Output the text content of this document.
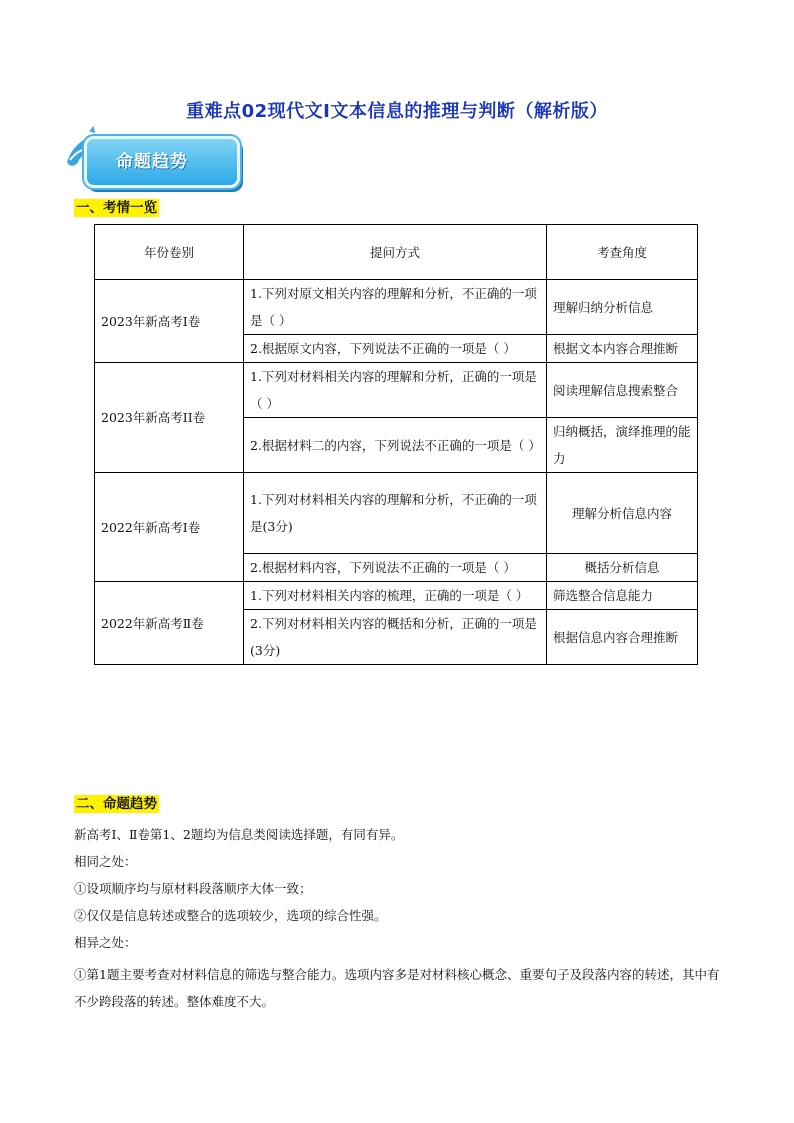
重难点02现代文I文本信息的推理与判断（解析版）
命题趋势
一、考情一览
年份卷别	提问方式	考查角度
2023年新高考I卷	1.下列对原文相关内容的理解和分析，不正确的一项是（ ）	理解归纳分析信息
	2.根据原文内容，下列说法不正确的一项是（ ）	根据文本内容合理推断
2023年新高考II卷	1.下列对材料相关内容的理解和分析，正确的一项是（ ）	阅读理解信息搜索整合
	2.根据材料二的内容，下列说法不正确的一项是（ ）	归纳概括，演绎推理的能力
2022年新高考I卷	1.下列对材料相关内容的理解和分析，不正确的一项是(3分)	理解分析信息内容
	2.根据材料内容，下列说法不正确的一项是（ ）	概括分析信息
2022年新高考Ⅱ卷	1.下列对材料相关内容的梳理，正确的一项是（ ）	筛选整合信息能力
	2.下列对材料相关内容的概括和分析，正确的一项是(3分)	根据信息内容合理推断
二、命题趋势
新高考Ⅰ、Ⅱ卷第1、2题均为信息类阅读选择题，有同有异。
相同之处：
①设项顺序均与原材料段落顺序大体一致；
②仅仅是信息转述或整合的选项较少，选项的综合性强。
相异之处：
①第1题主要考查对材料信息的筛选与整合能力。选项内容多是对材料核心概念、重要句子及段落内容的转述，其中有不少跨段落的转述。整体难度不大。
